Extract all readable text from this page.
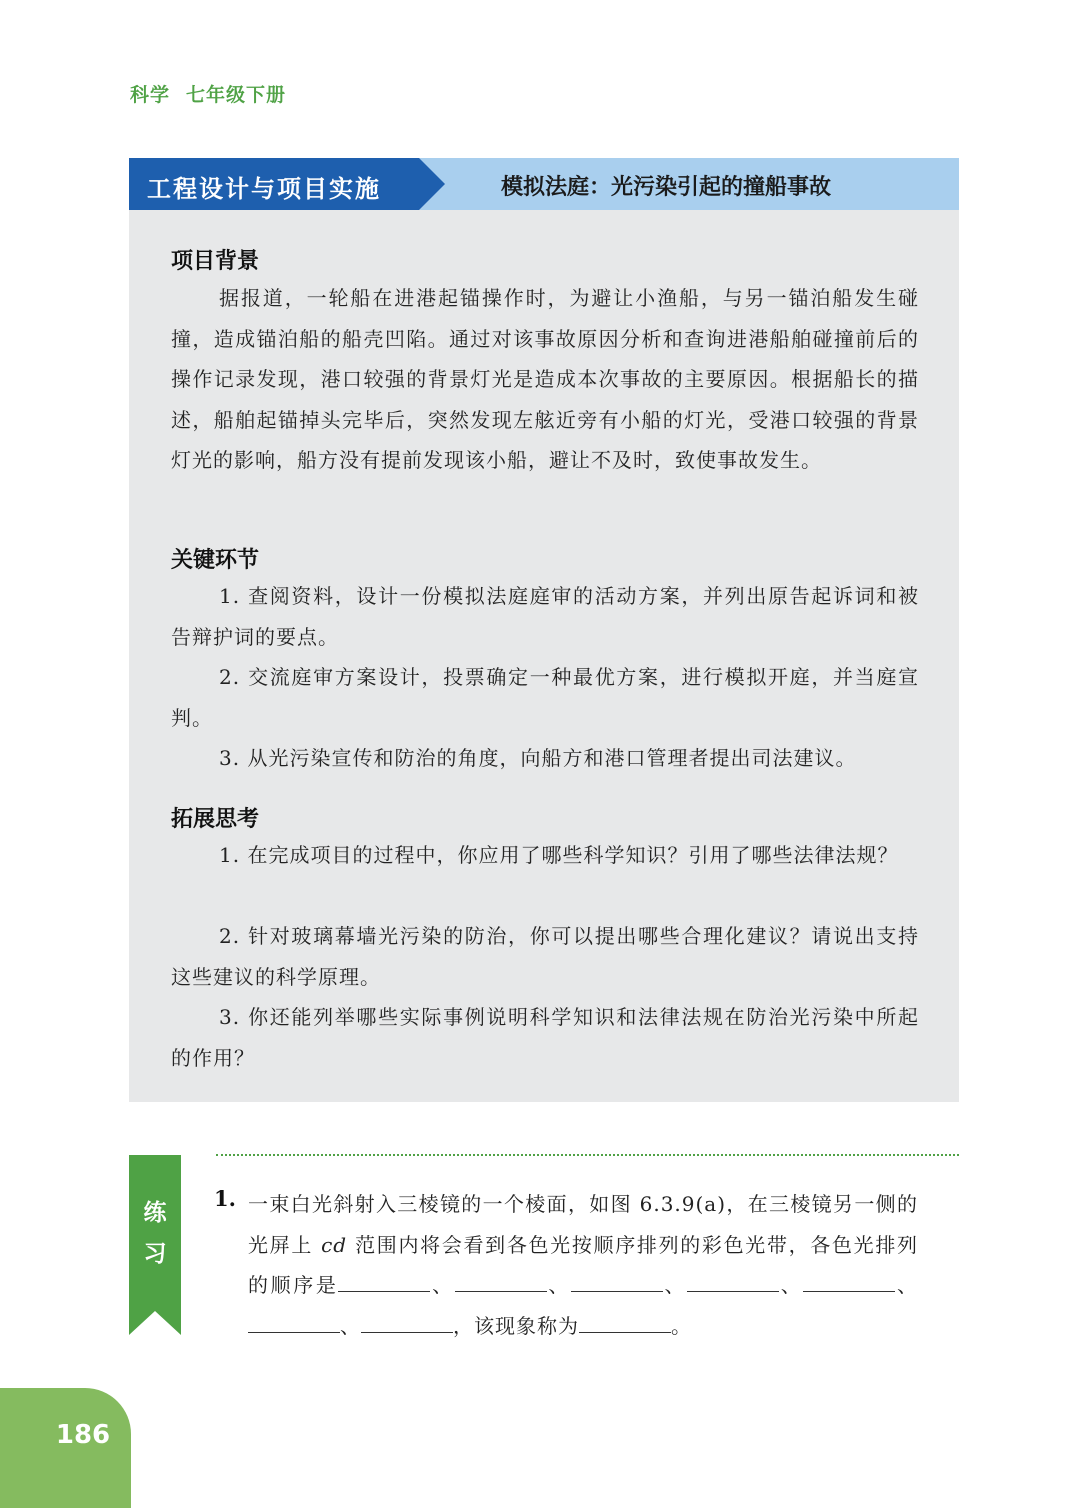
科学 七年级下册
工程设计与项目实施	模拟法庭：光污染引起的撞船事故
项目背景

据报道，一轮船在进港起锚操作时，为避让小渔船，与另一锚泊船发生碰撞，造成锚泊船的船壳凹陷。通过对该事故原因分析和查询进港船舶碰撞前后的操作记录发现，港口较强的背景灯光是造成本次事故的主要原因。根据船长的描述，船舶起锚掉头完毕后，突然发现左舷近旁有小船的灯光，受港口较强的背景灯光的影响，船方没有提前发现该小船，避让不及时，致使事故发生。

关键环节

1. 查阅资料，设计一份模拟法庭庭审的活动方案，并列出原告起诉词和被告辩护词的要点。

2. 交流庭审方案设计，投票确定一种最优方案，进行模拟开庭，并当庭宣判。

3. 从光污染宣传和防治的角度，向船方和港口管理者提出司法建议。

拓展思考

1. 在完成项目的过程中，你应用了哪些科学知识？引用了哪些法律法规？

2. 针对玻璃幕墙光污染的防治，你可以提出哪些合理化建议？请说出支持这些建议的科学原理。

3. 你还能列举哪些实际事例说明科学知识和法律法规在防治光污染中所起的作用？

练
习
1. 一束白光斜射入三棱镜的一个棱面，如图 6.3.9(a)，在三棱镜另一侧的光屏上 cd 范围内将会看到各色光按顺序排列的彩色光带，各色光排列的顺序是	、	、	、	、	、、	，该现象称为	。

186
